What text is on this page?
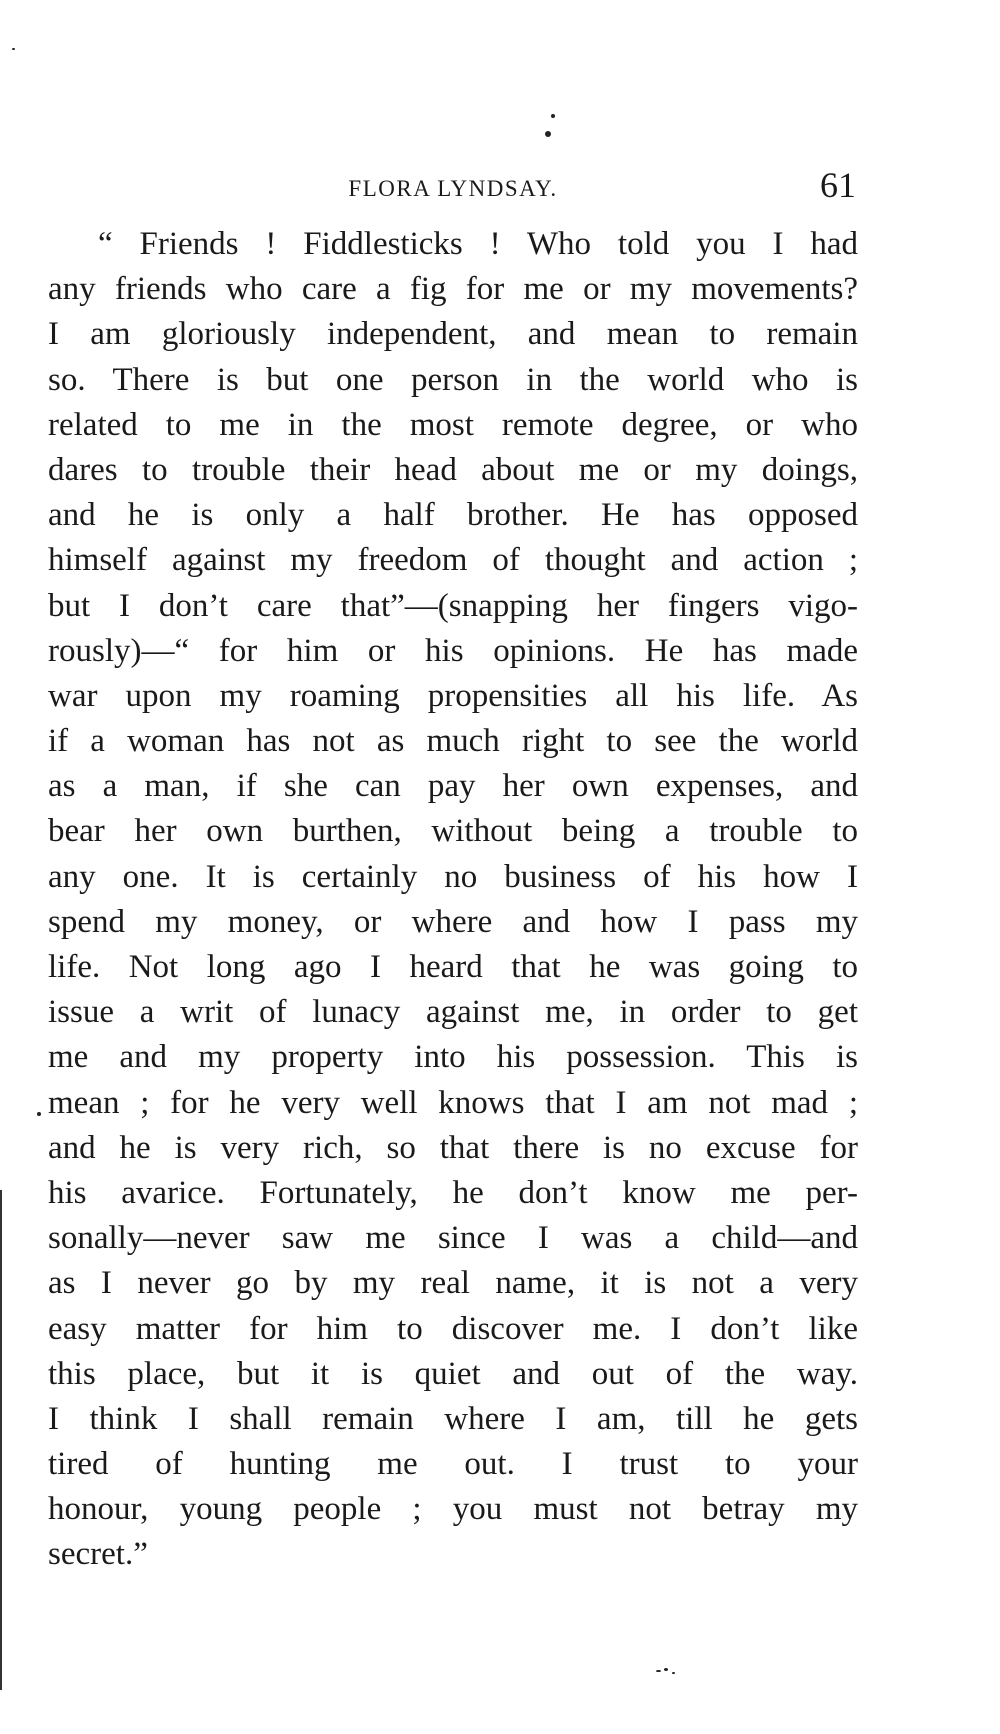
FLORA LYNDSAY.	61
“ Friends ! Fiddlesticks ! Who told you I had
any friends who care a fig for me or my movements?
I am gloriously independent, and mean to remain
so. There is but one person in the world who is
related to me in the most remote degree, or who
dares to trouble their head about me or my doings,
and he is only a half brother. He has opposed
himself against my freedom of thought and action ;
but I don’t care that”—(snapping her fingers vigo-
rously)—“ for him or his opinions. He has made
war upon my roaming propensities all his life. As
if a woman has not as much right to see the world
as a man, if she can pay her own expenses, and
bear her own burthen, without being a trouble to
any one. It is certainly no business of his how I
spend my money, or where and how I pass my
life. Not long ago I heard that he was going to
issue a writ of lunacy against me, in order to get
me and my property into his possession. This is
mean ; for he very well knows that I am not mad ;
and he is very rich, so that there is no excuse for
his avarice. Fortunately, he don’t know me per-
sonally—never saw me since I was a child—and
as I never go by my real name, it is not a very
easy matter for him to discover me. I don’t like
this place, but it is quiet and out of the way.
I think I shall remain where I am, till he gets
tired of hunting me out. I trust to your
honour, young people ; you must not betray my
secret.”
